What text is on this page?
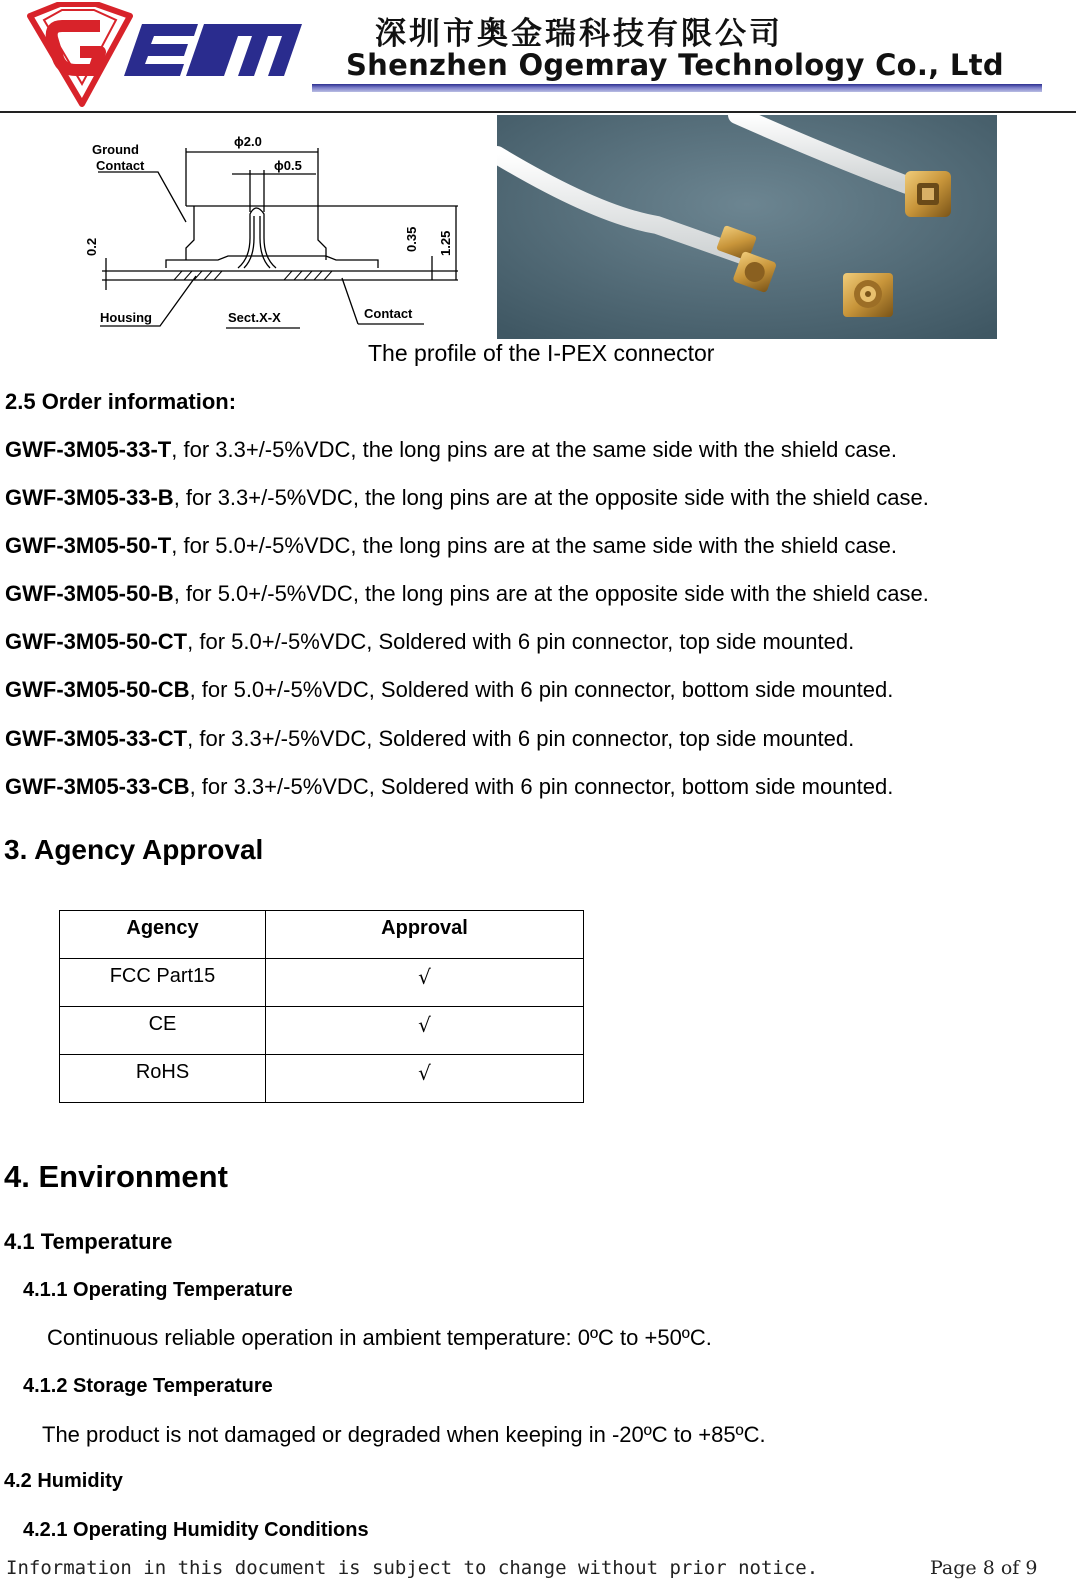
深圳市奥金瑞科技有限公司
Shenzhen Ogemray Technology Co., Ltd
Ground
Contact
ϕ2.0
ϕ0.5
0.2	0.35 1.25
Housing	Sect.X-X	Contact
The profile of the I-PEX connector
2.5 Order information:
GWF-3M05-33-T, for 3.3+/-5%VDC, the long pins are at the same side with the shield case.
GWF-3M05-33-B, for 3.3+/-5%VDC, the long pins are at the opposite side with the shield case.
GWF-3M05-50-T, for 5.0+/-5%VDC, the long pins are at the same side with the shield case.
GWF-3M05-50-B, for 5.0+/-5%VDC, the long pins are at the opposite side with the shield case.
GWF-3M05-50-CT, for 5.0+/-5%VDC, Soldered with 6 pin connector, top side mounted.
GWF-3M05-50-CB, for 5.0+/-5%VDC, Soldered with 6 pin connector, bottom side mounted.
GWF-3M05-33-CT, for 3.3+/-5%VDC, Soldered with 6 pin connector, top side mounted.
GWF-3M05-33-CB, for 3.3+/-5%VDC, Soldered with 6 pin connector, bottom side mounted.
3. Agency Approval
Agency	Approval
FCC Part15	√
CE	√
RoHS	√
4. Environment
4.1 Temperature
4.1.1 Operating Temperature
Continuous reliable operation in ambient temperature: 0ºC to +50ºC.
4.1.2 Storage Temperature
The product is not damaged or degraded when keeping in -20ºC to +85ºC.
4.2 Humidity
4.2.1 Operating Humidity Conditions
Information in this document is subject to change without prior notice.	Page 8 of 9
